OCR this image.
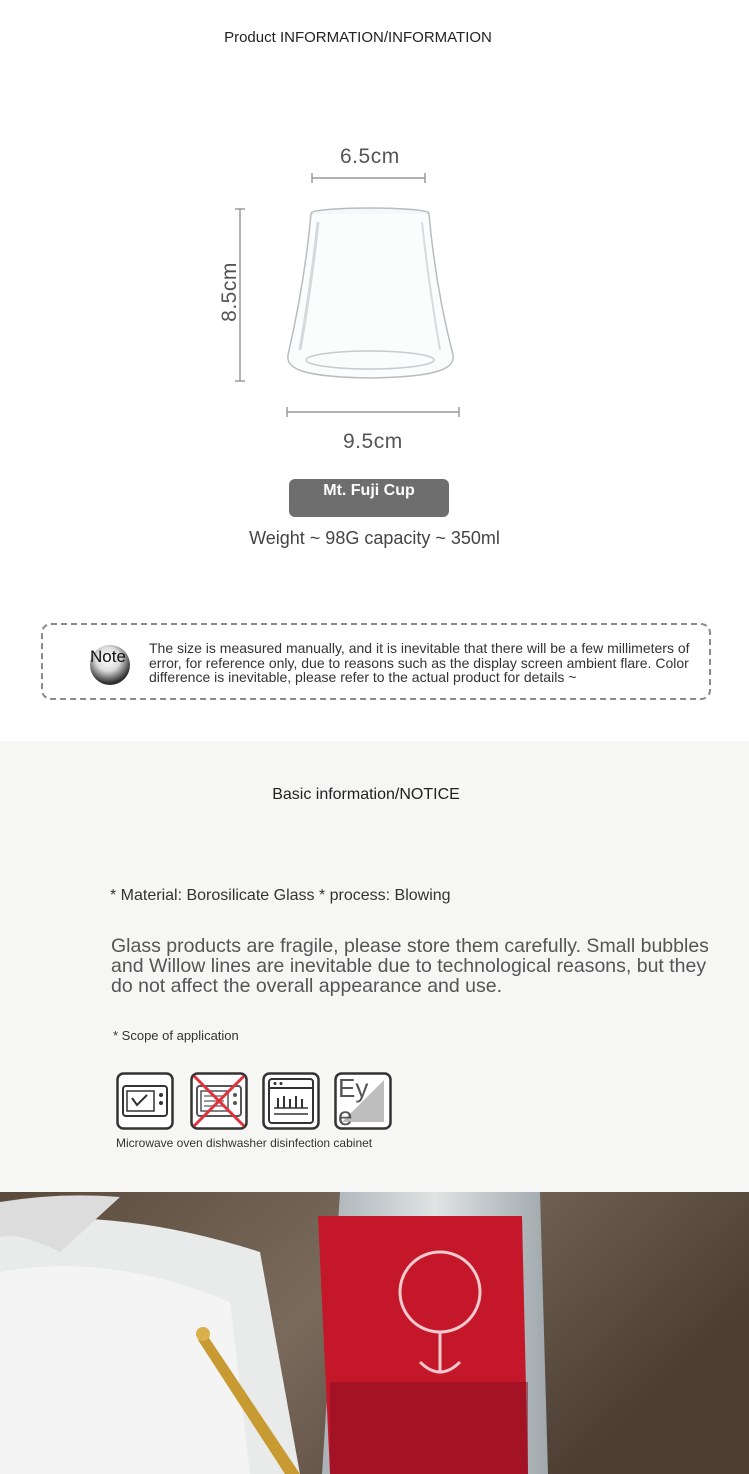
Product INFORMATION/INFORMATION
6.5cm
8.5cm
9.5cm
Mt. Fuji Cup
Weight ~ 98G capacity ~ 350ml
Note The size is measured manually, and it is inevitable that there will be a few millimeters of error, for reference only, due to reasons such as the display screen ambient flare. Color difference is inevitable, please refer to the actual product for details ~
Basic information/NOTICE
* Material: Borosilicate Glass * process: Blowing
Glass products are fragile, please store them carefully. Small bubbles and Willow lines are inevitable due to technological reasons, but they do not affect the overall appearance and use.
* Scope of application
Eye
Microwave oven dishwasher disinfection cabinet
